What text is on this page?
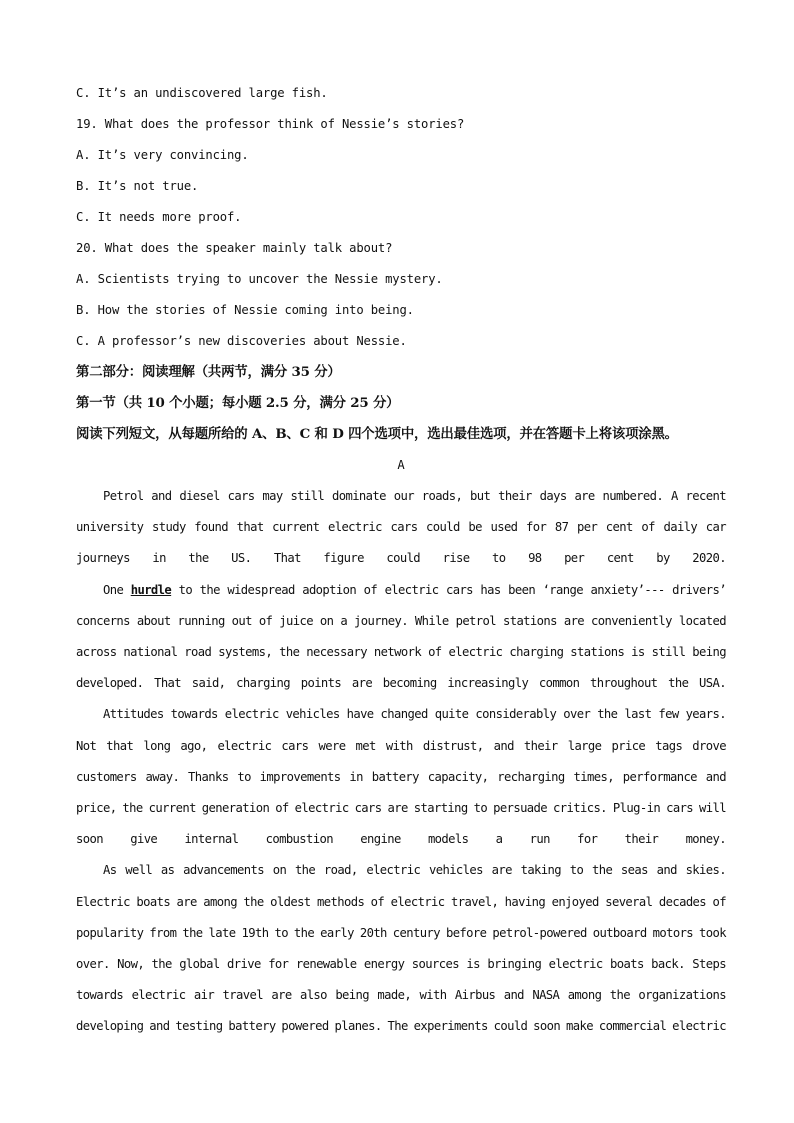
C. It’s an undiscovered large fish.
19. What does the professor think of Nessie’s stories?
A. It’s very convincing.
B. It’s not true.
C. It needs more proof.
20. What does the speaker mainly talk about?
A. Scientists trying to uncover the Nessie mystery.
B. How the stories of Nessie coming into being.
C. A professor’s new discoveries about Nessie.
第二部分：阅读理解（共两节，满分 35 分）
第一节（共 10 个小题；每小题 2.5 分，满分 25 分）
阅读下列短文，从每题所给的 A、B、C 和 D 四个选项中，选出最佳选项，并在答题卡上将该项涂黑。
A

Petrol and diesel cars may still dominate our roads, but their days are numbered. A recent university study found that current electric cars could be used for 87 per cent of daily car journeys in the US. That figure could rise to 98 per cent by 2020.

One hurdle to the widespread adoption of electric cars has been ‘range anxiety’--- drivers’ concerns about running out of juice on a journey. While petrol stations are conveniently located across national road systems, the necessary network of electric charging stations is still being developed. That said, charging points are becoming increasingly common throughout the USA.

Attitudes towards electric vehicles have changed quite considerably over the last few years. Not that long ago, electric cars were met with distrust, and their large price tags drove customers away. Thanks to improvements in battery capacity, recharging times, performance and price, the current generation of electric cars are starting to persuade critics. Plug-in cars will soon give internal combustion engine models a run for their money.

As well as advancements on the road, electric vehicles are taking to the seas and skies. Electric boats are among the oldest methods of electric travel, having enjoyed several decades of popularity from the late 19th to the early 20th century before petrol-powered outboard motors took over. Now, the global drive for renewable energy sources is bringing electric boats back. Steps towards electric air travel are also being made, with Airbus and NASA among the organizations developing and testing battery powered planes. The experiments could soon make commercial electric
